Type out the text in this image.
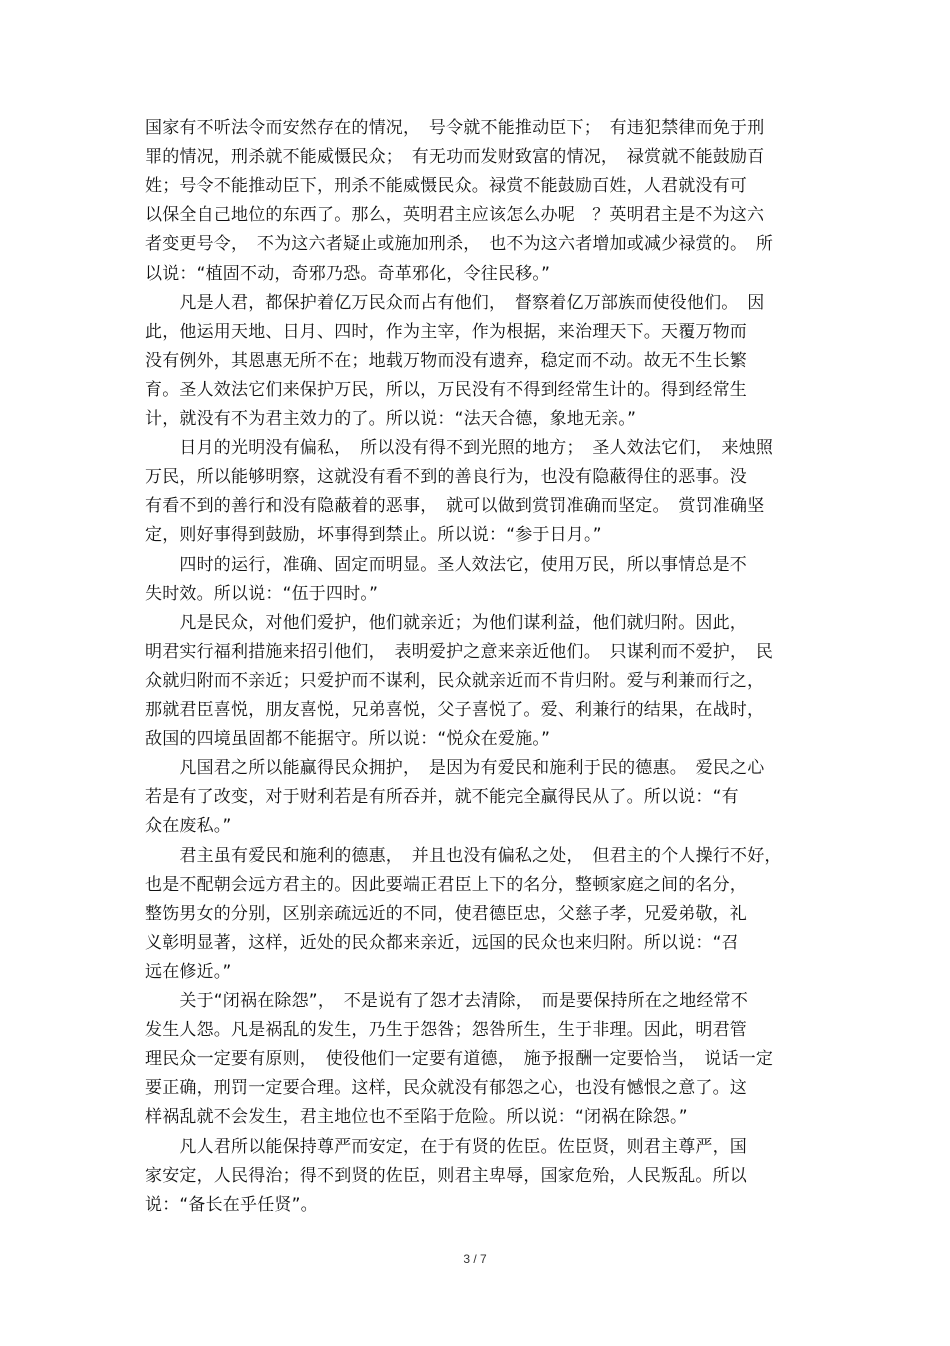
国家有不听法令而安然存在的情况，　号令就不能推动臣下；　有违犯禁律而免于刑
罪的情况，刑杀就不能威慑民众；　有无功而发财致富的情况，　禄赏就不能鼓励百
姓；号令不能推动臣下，刑杀不能威慑民众。禄赏不能鼓励百姓，人君就没有可
以保全自己地位的东西了。那么，英明君主应该怎么办呢　？英明君主是不为这六
者变更号令，　不为这六者疑止或施加刑杀，　也不为这六者增加或减少禄赏的。　所
以说：“植固不动，奇邪乃恐。奇革邪化，令往民移。”
　　凡是人君，都保护着亿万民众而占有他们，　督察着亿万部族而使役他们。　因
此，他运用天地、日月、四时，作为主宰，作为根据，来治理天下。天覆万物而
没有例外，其恩惠无所不在；地载万物而没有遗弃，稳定而不动。故无不生长繁
育。圣人效法它们来保护万民，所以，万民没有不得到经常生计的。得到经常生
计，就没有不为君主效力的了。所以说：“法天合德，象地无亲。”
　　日月的光明没有偏私，　所以没有得不到光照的地方；　圣人效法它们，　来烛照
万民，所以能够明察，这就没有看不到的善良行为，也没有隐蔽得住的恶事。没
有看不到的善行和没有隐蔽着的恶事，　就可以做到赏罚准确而坚定。　赏罚准确坚
定，则好事得到鼓励，坏事得到禁止。所以说：“参于日月。”
　　四时的运行，准确、固定而明显。圣人效法它，使用万民，所以事情总是不
失时效。所以说：“伍于四时。”
　　凡是民众，对他们爱护，他们就亲近；为他们谋利益，他们就归附。因此，
明君实行福利措施来招引他们，　表明爱护之意来亲近他们。　只谋利而不爱护，　民
众就归附而不亲近；只爱护而不谋利，民众就亲近而不肯归附。爱与利兼而行之，
那就君臣喜悦，朋友喜悦，兄弟喜悦，父子喜悦了。爱、利兼行的结果，在战时，
敌国的四境虽固都不能据守。所以说：“悦众在爱施。”
　　凡国君之所以能赢得民众拥护，　是因为有爱民和施利于民的德惠。　爱民之心
若是有了改变，对于财利若是有所吞并，就不能完全赢得民从了。所以说：“有
众在废私。”
　　君主虽有爱民和施利的德惠，　并且也没有偏私之处，　但君主的个人操行不好，
也是不配朝会远方君主的。因此要端正君臣上下的名分，整顿家庭之间的名分，
整饬男女的分别，区别亲疏远近的不同，使君德臣忠，父慈子孝，兄爱弟敬，礼
义彰明显著，这样，近处的民众都来亲近，远国的民众也来归附。所以说：“召
远在修近。”
　　关于“闭祸在除怨”，　不是说有了怨才去清除，　而是要保持所在之地经常不
发生人怨。凡是祸乱的发生，乃生于怨咎；怨咎所生，生于非理。因此，明君管
理民众一定要有原则，　使役他们一定要有道德，　施予报酬一定要恰当，　说话一定
要正确，刑罚一定要合理。这样，民众就没有郁怨之心，也没有憾恨之意了。这
样祸乱就不会发生，君主地位也不至陷于危险。所以说：“闭祸在除怨。”
　　凡人君所以能保持尊严而安定，在于有贤的佐臣。佐臣贤，则君主尊严，国
家安定，人民得治；得不到贤的佐臣，则君主卑辱，国家危殆，人民叛乱。所以
说：“备长在乎任贤”。
3 / 7
